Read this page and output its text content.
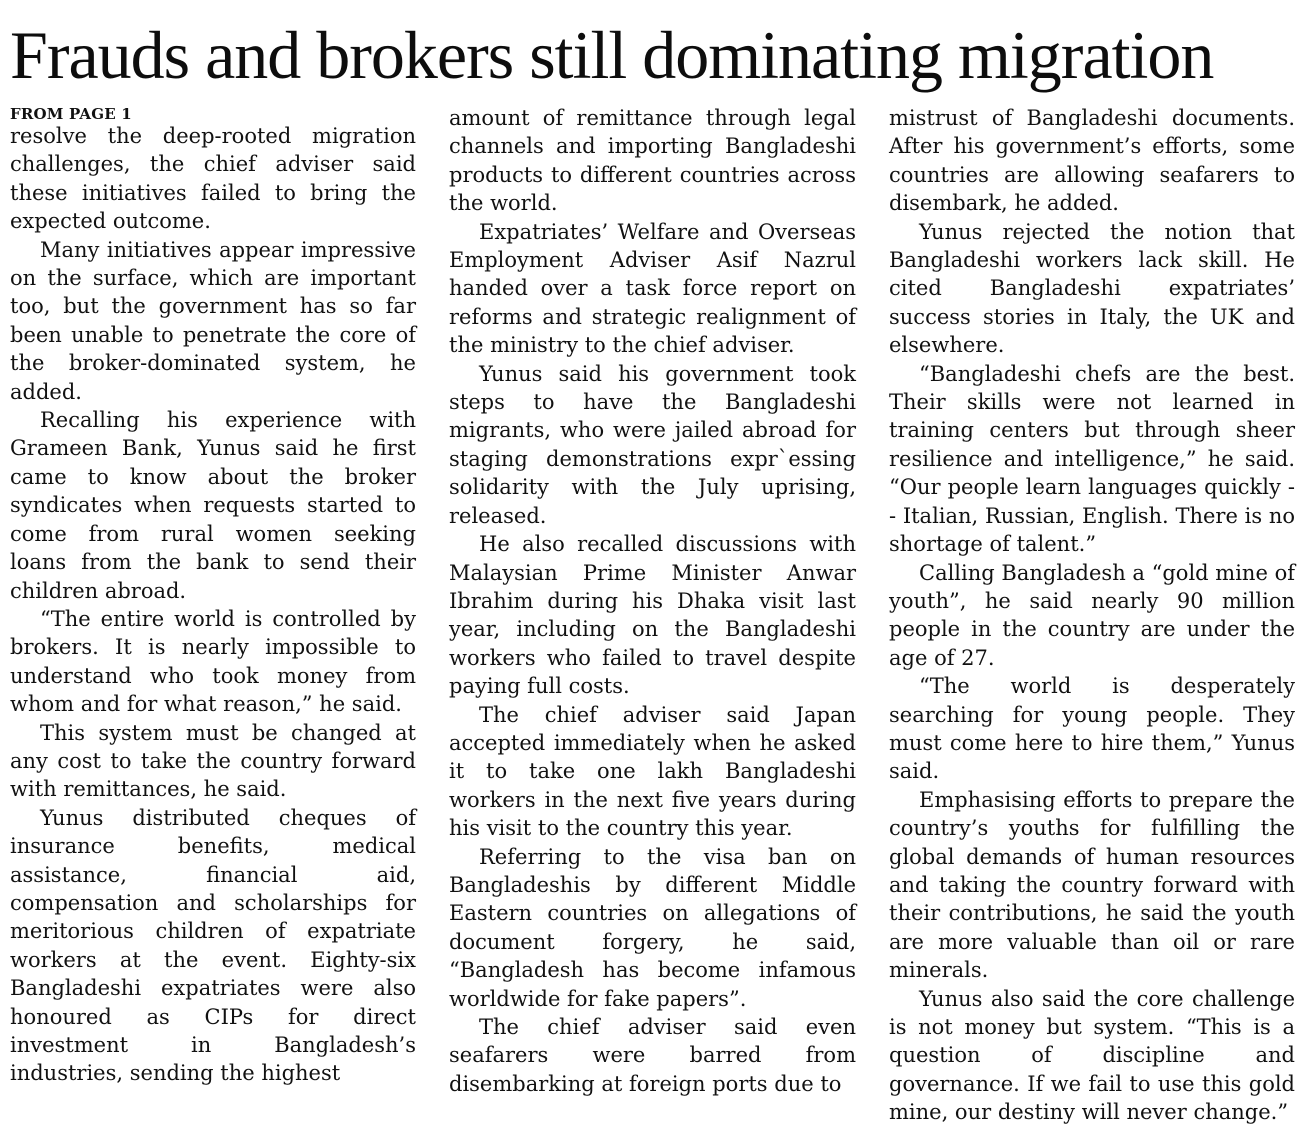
Frauds and brokers still dominating migration

FROM PAGE 1

resolve the deep-rooted migration challenges, the chief adviser said these initiatives failed to bring the expected outcome.

Many initiatives appear impressive on the surface, which are important too, but the government has so far been unable to penetrate the core of the broker-dominated system, he added.

Recalling his experience with Grameen Bank, Yunus said he first came to know about the broker syndicates when requests started to come from rural women seeking loans from the bank to send their children abroad.

“The entire world is controlled by brokers. It is nearly impossible to understand who took money from whom and for what reason,” he said.

This system must be changed at any cost to take the country forward with remittances, he said.

Yunus distributed cheques of insurance benefits, medical assistance, financial aid, compensation and scholarships for meritorious children of expatriate workers at the event. Eighty-six Bangladeshi expatriates were also honoured as CIPs for direct investment in Bangladesh’s industries, sending the highest

amount of remittance through legal channels and importing Bangladeshi products to different countries across the world.

Expatriates’ Welfare and Overseas Employment Adviser Asif Nazrul handed over a task force report on reforms and strategic realignment of the ministry to the chief adviser.

Yunus said his government took steps to have the Bangladeshi migrants, who were jailed abroad for staging demonstrations expr`essing solidarity with the July uprising, released.

He also recalled discussions with Malaysian Prime Minister Anwar Ibrahim during his Dhaka visit last year, including on the Bangladeshi workers who failed to travel despite paying full costs.

The chief adviser said Japan accepted immediately when he asked it to take one lakh Bangladeshi workers in the next five years during his visit to the country this year.

Referring to the visa ban on Bangladeshis by different Middle Eastern countries on allegations of document forgery, he said, “Bangladesh has become infamous worldwide for fake papers”.

The chief adviser said even seafarers were barred from disembarking at foreign ports due to

mistrust of Bangladeshi documents. After his government’s efforts, some countries are allowing seafarers to disembark, he added.

Yunus rejected the notion that Bangladeshi workers lack skill. He cited Bangladeshi expatriates’ success stories in Italy, the UK and elsewhere.

“Bangladeshi chefs are the best. Their skills were not learned in training centers but through sheer resilience and intelligence,” he said. “Our people learn languages quickly -- Italian, Russian, English. There is no shortage of talent.”

Calling Bangladesh a “gold mine of youth”, he said nearly 90 million people in the country are under the age of 27.

“The world is desperately searching for young people. They must come here to hire them,” Yunus said.

Emphasising efforts to prepare the country’s youths for fulfilling the global demands of human resources and taking the country forward with their contributions, he said the youth are more valuable than oil or rare minerals.

Yunus also said the core challenge is not money but system. “This is a question of discipline and governance. If we fail to use this gold mine, our destiny will never change.”
